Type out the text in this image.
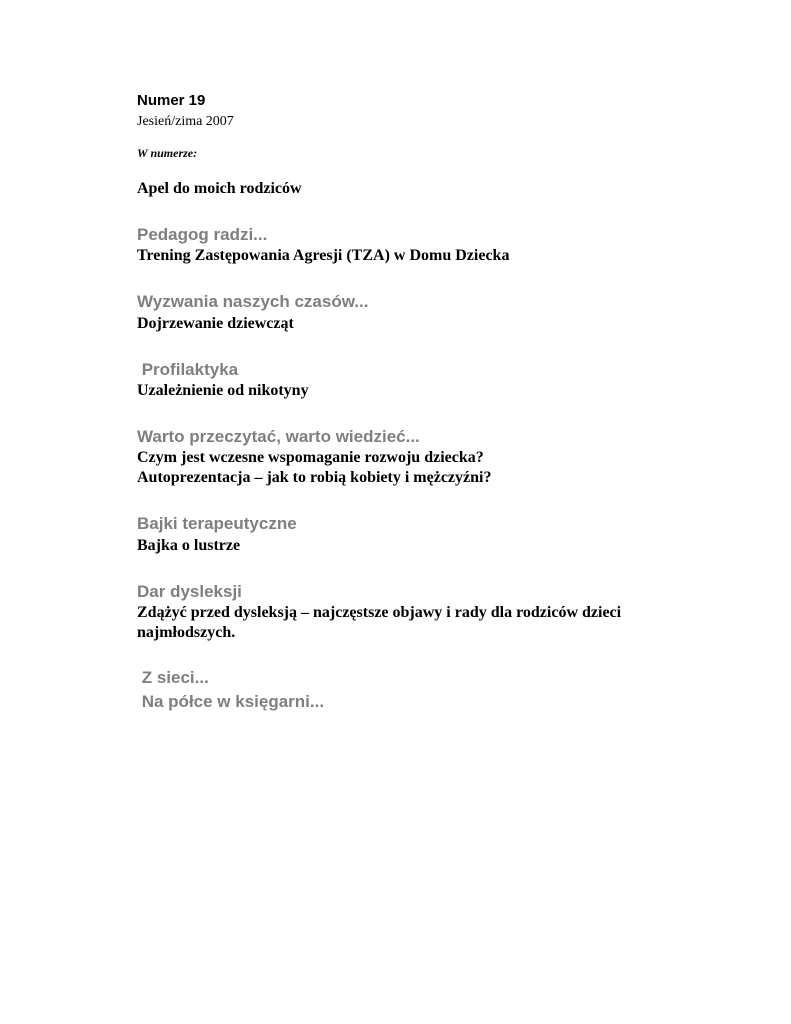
Numer 19

Jesień/zima 2007

W numerze:

Apel do moich rodziców

Pedagog radzi...

Trening Zastępowania Agresji (TZA) w Domu Dziecka

Wyzwania naszych czasów...

Dojrzewanie dziewcząt

Profilaktyka

Uzależnienie od nikotyny

Warto przeczytać, warto wiedzieć...

Czym jest wczesne wspomaganie rozwoju dziecka?

Autoprezentacja – jak to robią kobiety i mężczyźni?

Bajki terapeutyczne

Bajka o lustrze

Dar dysleksji

Zdążyć przed dysleksją – najczęstsze objawy i rady dla rodziców dzieci

najmłodszych.

Z sieci...

Na półce w księgarni...
